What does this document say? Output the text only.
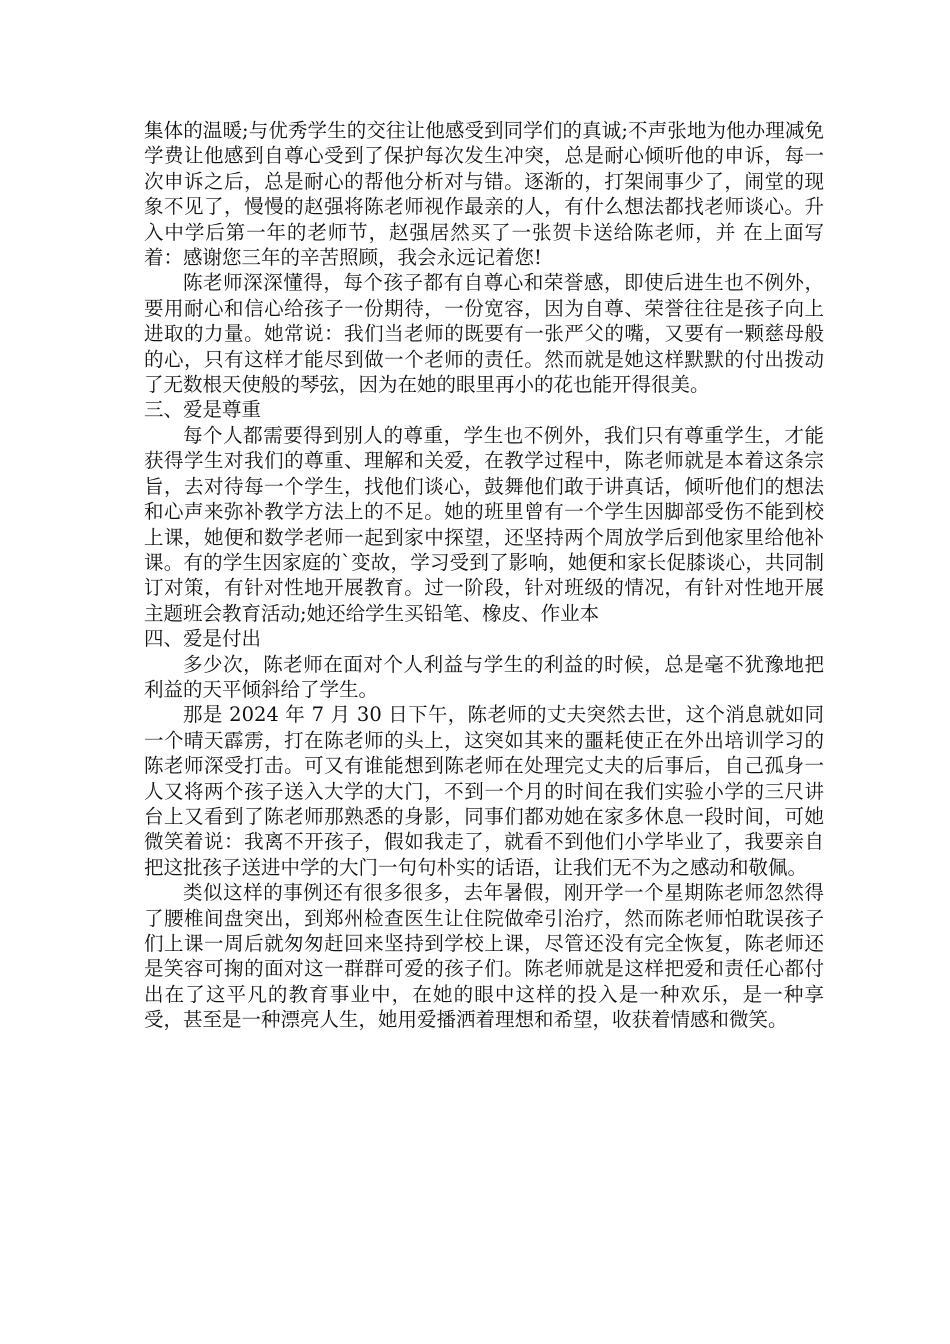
集体的温暖;与优秀学生的交往让他感受到同学们的真诚;不声张地为他办理减免学费让他感到自尊心受到了保护每次发生冲突，总是耐心倾听他的申诉，每一次申诉之后，总是耐心的帮他分析对与错。逐渐的，打架闹事少了，闹堂的现象不见了，慢慢的赵强将陈老师视作最亲的人，有什么想法都找老师谈心。升入中学后第一年的老师节，赵强居然买了一张贺卡送给陈老师，并 在上面写着：感谢您三年的辛苦照顾，我会永远记着您!

陈老师深深懂得，每个孩子都有自尊心和荣誉感，即使后进生也不例外，要用耐心和信心给孩子一份期待，一份宽容，因为自尊、荣誉往往是孩子向上进取的力量。她常说：我们当老师的既要有一张严父的嘴，又要有一颗慈母般的心，只有这样才能尽到做一个老师的责任。然而就是她这样默默的付出拨动了无数根天使般的琴弦，因为在她的眼里再小的花也能开得很美。

三、爱是尊重

每个人都需要得到别人的尊重，学生也不例外，我们只有尊重学生，才能获得学生对我们的尊重、理解和关爱，在教学过程中，陈老师就是本着这条宗旨，去对待每一个学生，找他们谈心，鼓舞他们敢于讲真话，倾听他们的想法和心声来弥补教学方法上的不足。她的班里曾有一个学生因脚部受伤不能到校上课，她便和数学老师一起到家中探望，还坚持两个周放学后到他家里给他补课。有的学生因家庭的`变故，学习受到了影响，她便和家长促膝谈心，共同制订对策，有针对性地开展教育。过一阶段，针对班级的情况，有针对性地开展主题班会教育活动;她还给学生买铅笔、橡皮、作业本

四、爱是付出

多少次，陈老师在面对个人利益与学生的利益的时候，总是毫不犹豫地把利益的天平倾斜给了学生。

那是 2024 年 7 月 30 日下午，陈老师的丈夫突然去世，这个消息就如同一个晴天霹雳，打在陈老师的头上，这突如其来的噩耗使正在外出培训学习的陈老师深受打击。可又有谁能想到陈老师在处理完丈夫的后事后，自己孤身一人又将两个孩子送入大学的大门，不到一个月的时间在我们实验小学的三尺讲台上又看到了陈老师那熟悉的身影，同事们都劝她在家多休息一段时间，可她微笑着说：我离不开孩子，假如我走了，就看不到他们小学毕业了，我要亲自把这批孩子送进中学的大门一句句朴实的话语，让我们无不为之感动和敬佩。

类似这样的事例还有很多很多，去年暑假，刚开学一个星期陈老师忽然得了腰椎间盘突出，到郑州检查医生让住院做牵引治疗，然而陈老师怕耽误孩子们上课一周后就匆匆赶回来坚持到学校上课，尽管还没有完全恢复，陈老师还是笑容可掬的面对这一群群可爱的孩子们。陈老师就是这样把爱和责任心都付出在了这平凡的教育事业中，在她的眼中这样的投入是一种欢乐，是一种享受，甚至是一种漂亮人生，她用爱播洒着理想和希望，收获着情感和微笑。
